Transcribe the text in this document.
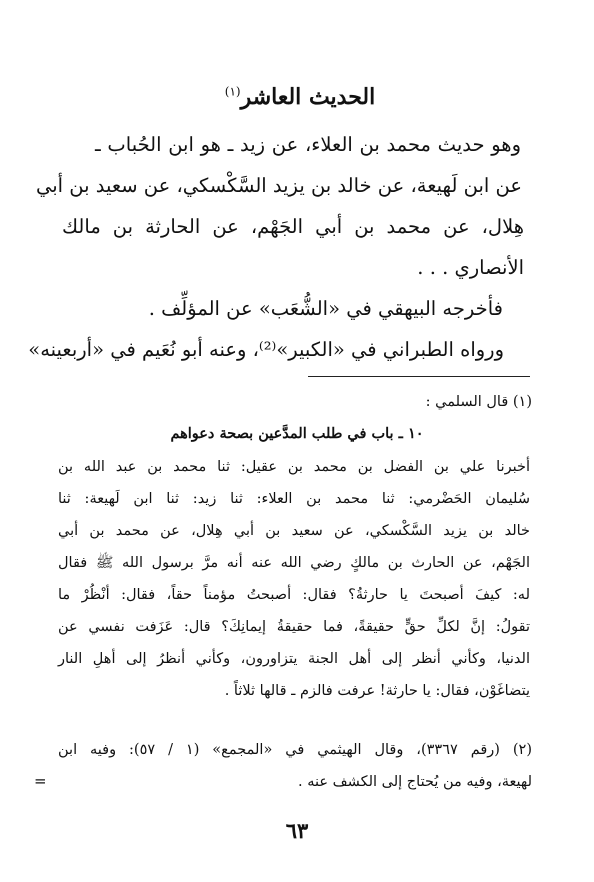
الحديث العاشر$^{(١)}$
وهو حديث محمد بن العلاء، عن زيد ـ هو ابن الحُباب ـ
عن ابن لَهيعة، عن خالد بن يزيد السَّكْسكي، عن سعيد بن أبي
هِلال، عن محمد بن أبي الجَهْم، عن الحارثة بن مالك
الأنصاري . . .
فأخرجه البيهقي في «الشُّعَب» عن المؤلِّف .
ورواه الطبراني في «الكبير»⁽²⁾، وعنه أبو نُعَيم في «أربعينه»
(١) قال السلمي :
١٠ ـ باب في طلب المدَّعين بصحة دعواهم
أخبرنا علي بن الفضل بن محمد بن عقيل: ثنا محمد بن عبد الله بن
سُليمان الحَضْرمي: ثنا محمد بن العلاء: ثنا زيد: ثنا ابن لَهيعة: ثنا
خالد بن يزيد السَّكْسكي، عن سعيد بن أبي هِلال، عن محمد بن أبي
الجَهْم، عن الحارث بن مالكٍ رضي الله عنه أنه مرَّ برسول الله ﷺ فقال
له: كيفَ أصبحتَ يا حارثةُ؟ فقال: أصبحتُ مؤمناً حقاً، فقال: أنْظُرْ ما
تقولُ: إنَّ لكلِّ حقٍّ حقيقةً، فما حقيقةُ إيمانِكَ؟ قال: عَزَفت نفسي عن
الدنيا، وكأني أنظر إلى أهل الجنة يتزاورون، وكأني أنظرُ إلى أهلِ النار
يتضاغَوْن، فقال: يا حارثة! عرفت فالزم ـ قالها ثلاثاً .
(٢) (رقم ٣٣٦٧)، وقال الهيثمي في «المجمع» (١ / ٥٧): وفيه ابن
لهيعة، وفيه من يُحتاج إلى الكشف عنه .
=
٦٣
